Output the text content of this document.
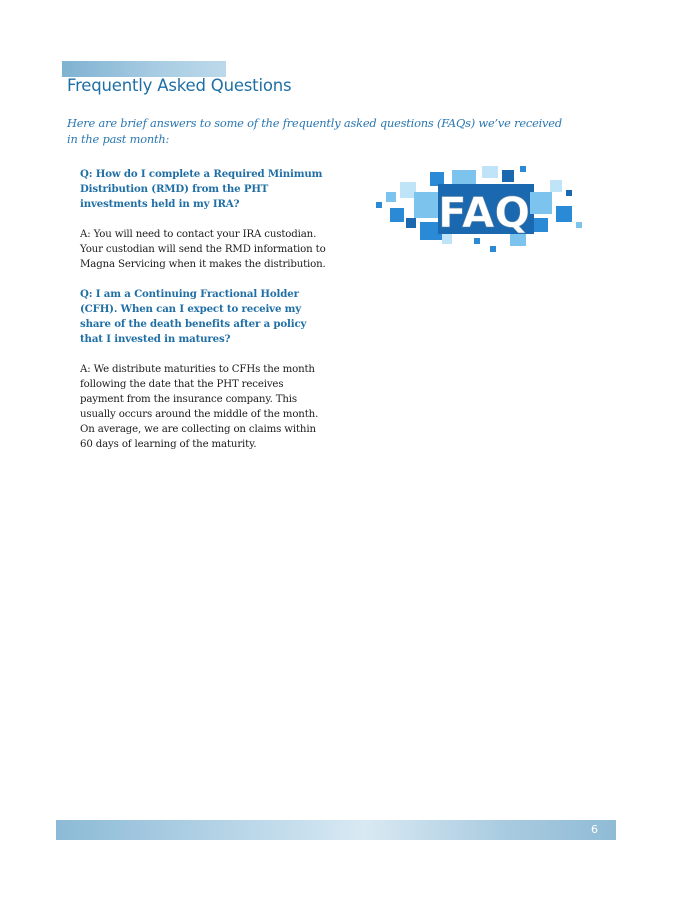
Frequently Asked Questions
Here are brief answers to some of the frequently asked questions (FAQs) we’ve received in the past month:
Q: How do I complete a Required Minimum Distribution (RMD) from the PHT investments held in my IRA?
A: You will need to contact your IRA custodian. Your custodian will send the RMD information to Magna Servicing when it makes the distribution.
Q: I am a Continuing Fractional Holder (CFH). When can I expect to receive my share of the death benefits after a policy that I invested in matures?
A: We distribute maturities to CFHs the month following the date that the PHT receives payment from the insurance company. This usually occurs around the middle of the month. On average, we are collecting on claims within 60 days of learning of the maturity.
FAQ
6
